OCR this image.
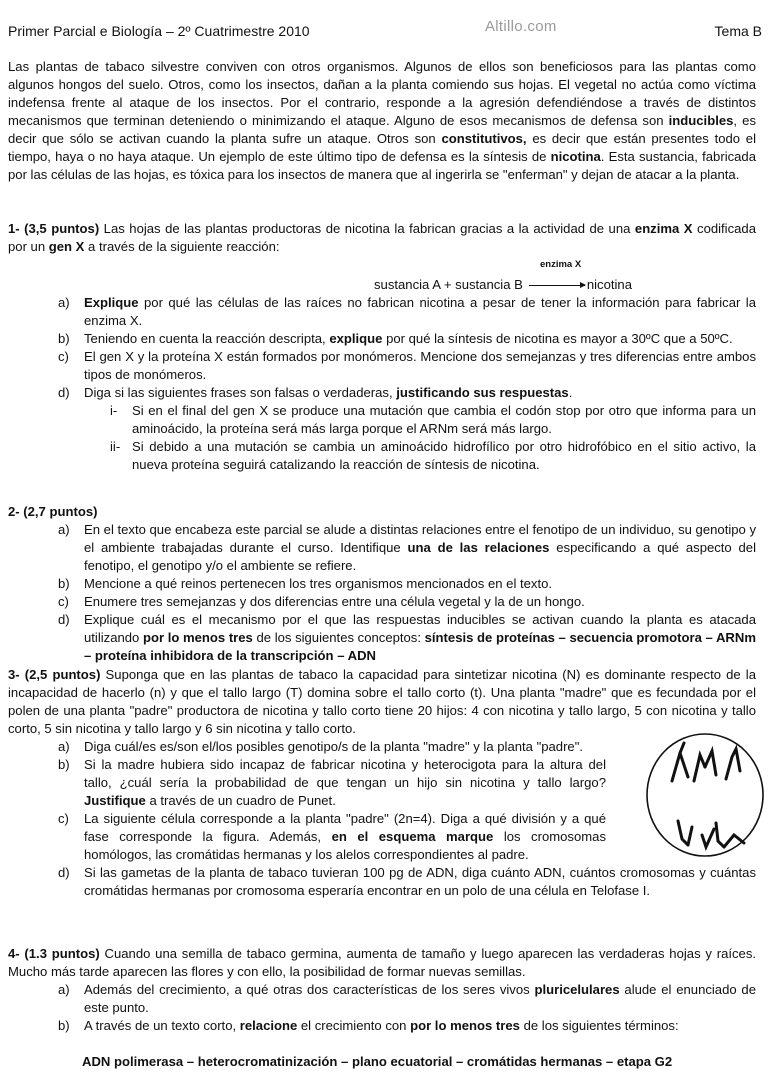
Primer Parcial e Biología – 2º Cuatrimestre 2010	Altillo.com	Tema B

Las plantas de tabaco silvestre conviven con otros organismos. Algunos de ellos son beneficiosos para las plantas como algunos hongos del suelo. Otros, como los insectos, dañan a la planta comiendo sus hojas. El vegetal no actúa como víctima indefensa frente al ataque de los insectos. Por el contrario, responde a la agresión defendiéndose a través de distintos mecanismos que terminan deteniendo o minimizando el ataque. Alguno de esos mecanismos de defensa son inducibles, es decir que sólo se activan cuando la planta sufre un ataque. Otros son constitutivos, es decir que están presentes todo el tiempo, haya o no haya ataque. Un ejemplo de este último tipo de defensa es la síntesis de nicotina. Esta sustancia, fabricada por las células de las hojas, es tóxica para los insectos de manera que al ingerirla se "enferman" y dejan de atacar a la planta.

1- (3,5 puntos) Las hojas de las plantas productoras de nicotina la fabrican gracias a la actividad de una enzima X codificada por un gen X a través de la siguiente reacción:

enzima X
sustancia A + sustancia B	nicotina
a)	Explique por qué las células de las raíces no fabrican nicotina a pesar de tener la información para fabricar la enzima X.
b)	Teniendo en cuenta la reacción descripta, explique por qué la síntesis de nicotina es mayor a 30ºC que a 50ºC.
c)	El gen X y la proteína X están formados por monómeros. Mencione dos semejanzas y tres diferencias entre ambos tipos de monómeros.
d)	Diga si las siguientes frases son falsas o verdaderas, justificando sus respuestas.
i-	Si en el final del gen X se produce una mutación que cambia el codón stop por otro que informa para un aminoácido, la proteína será más larga porque el ARNm será más largo.
ii- Si debido a una mutación se cambia un aminoácido hidrofílico por otro hidrofóbico en el sitio activo, la nueva proteína seguirá catalizando la reacción de síntesis de nicotina.

2- (2,7 puntos)

a)	En el texto que encabeza este parcial se alude a distintas relaciones entre el fenotipo de un individuo, su genotipo y el ambiente trabajadas durante el curso. Identifique una de las relaciones especificando a qué aspecto del fenotipo, el genotipo y/o el ambiente se refiere.
b)	Mencione a qué reinos pertenecen los tres organismos mencionados en el texto.
c)	Enumere tres semejanzas y dos diferencias entre una célula vegetal y la de un hongo.
d)	Explique cuál es el mecanismo por el que las respuestas inducibles se activan cuando la planta es atacada utilizando por lo menos tres de los siguientes conceptos: síntesis de proteínas – secuencia promotora – ARNm – proteína inhibidora de la transcripción – ADN

3- (2,5 puntos) Suponga que en las plantas de tabaco la capacidad para sintetizar nicotina (N) es dominante respecto de la incapacidad de hacerlo (n) y que el tallo largo (T) domina sobre el tallo corto (t). Una planta "madre" que es fecundada por el polen de una planta "padre" productora de nicotina y tallo corto tiene 20 hijos: 4 con nicotina y tallo largo, 5 con nicotina y tallo corto, 5 sin nicotina y tallo largo y 6 sin nicotina y tallo corto.

a)	Diga cuál/es es/son el/los posibles genotipo/s de la planta "madre" y la planta "padre".
b)	Si la madre hubiera sido incapaz de fabricar nicotina y heterocigota para la altura del tallo, ¿cuál sería la probabilidad de que tengan un hijo sin nicotina y tallo largo? Justifique a través de un cuadro de Punet.
c)	La siguiente célula corresponde a la planta "padre" (2n=4). Diga a qué división y a qué fase corresponde la figura. Además, en el esquema marque los cromosomas homólogos, las cromátidas hermanas y los alelos correspondientes al padre.
d)	Si las gametas de la planta de tabaco tuvieran 100 pg de ADN, diga cuánto ADN, cuántos cromosomas y cuántas cromátidas hermanas por cromosoma esperaría encontrar en un polo de una célula en Telofase I.

4- (1.3 puntos) Cuando una semilla de tabaco germina, aumenta de tamaño y luego aparecen las verdaderas hojas y raíces. Mucho más tarde aparecen las flores y con ello, la posibilidad de formar nuevas semillas.

a)	Además del crecimiento, a qué otras dos características de los seres vivos pluricelulares alude el enunciado de este punto.
b)	A través de un texto corto, relacione el crecimiento con por lo menos tres de los siguientes términos:
ADN polimerasa – heterocromatinización – plano ecuatorial – cromátidas hermanas – etapa G2
